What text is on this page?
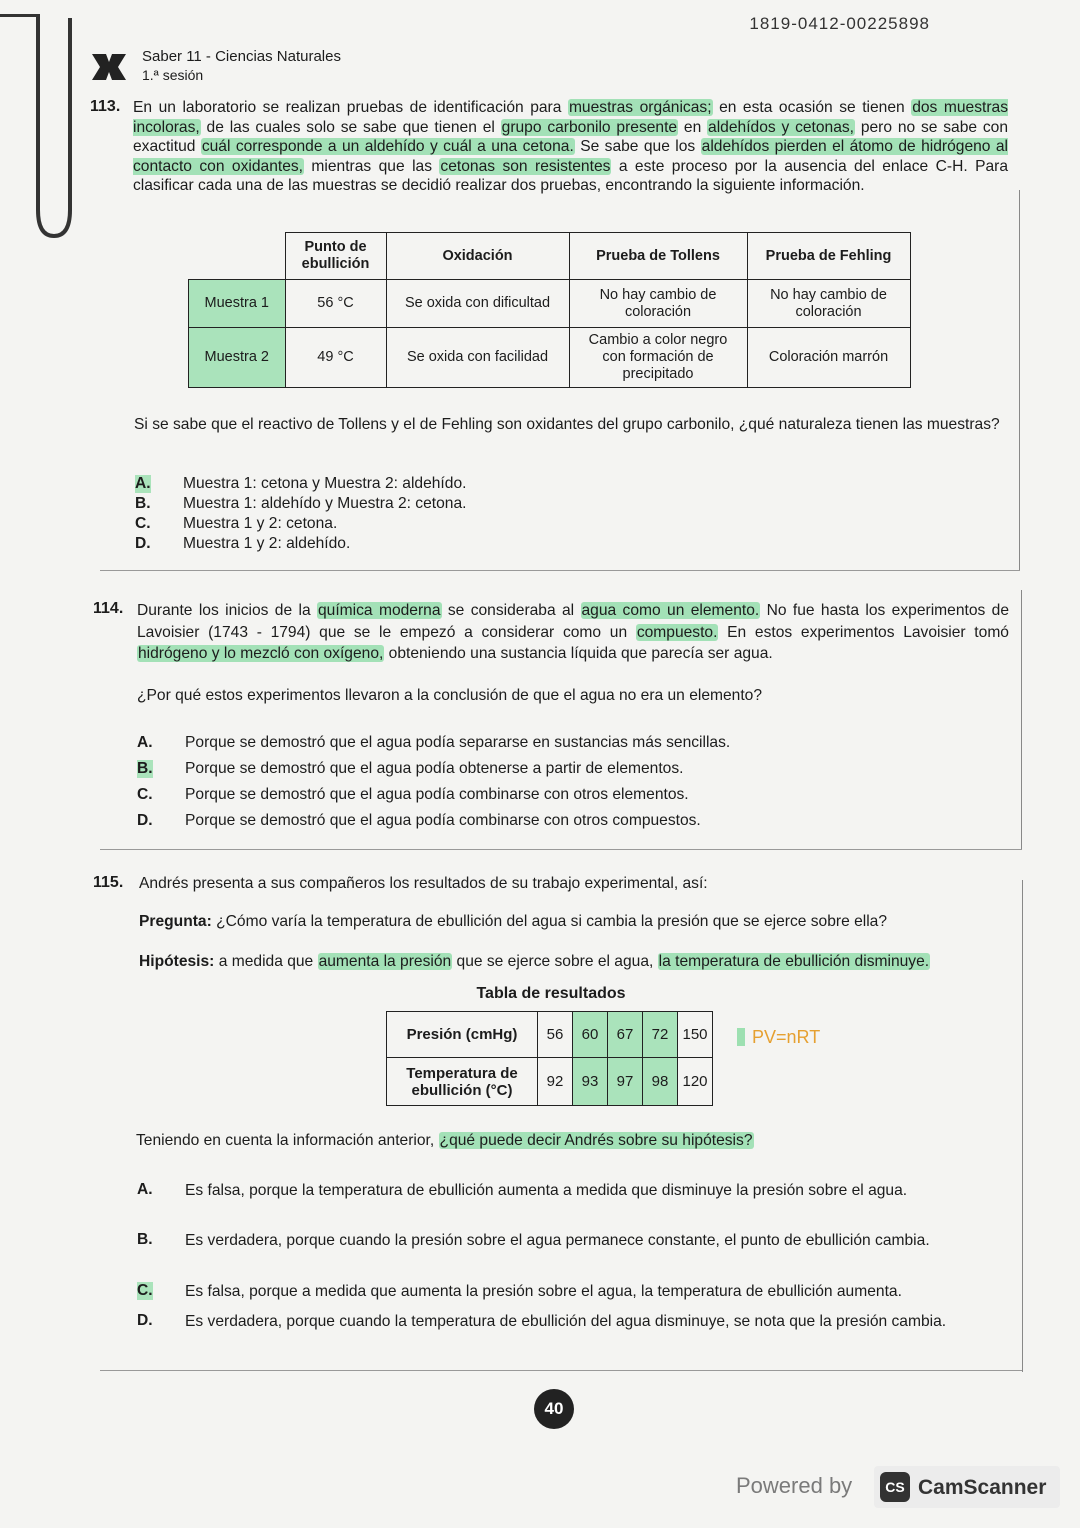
1819-0412-00225898
Saber 11 - Ciencias Naturales
1.ª sesión
113. En un laboratorio se realizan pruebas de identificación para muestras orgánicas; en esta ocasión se tienen dos muestras incoloras, de las cuales solo se sabe que tienen el grupo carbonilo presente en aldehídos y cetonas, pero no se sabe con exactitud cuál corresponde a un aldehído y cuál a una cetona. Se sabe que los aldehídos pierden el átomo de hidrógeno al contacto con oxidantes, mientras que las cetonas son resistentes a este proceso por la ausencia del enlace C-H. Para clasificar cada una de las muestras se decidió realizar dos pruebas, encontrando la siguiente información.

	Punto de ebullición	Oxidación	Prueba de Tollens	Prueba de Fehling
Muestra 1	56 °C	Se oxida con dificultad	No hay cambio de coloración	No hay cambio de coloración
Muestra 2	49 °C	Se oxida con facilidad	Cambio a color negro con formación de precipitado	Coloración marrón
Si se sabe que el reactivo de Tollens y el de Fehling son oxidantes del grupo carbonilo, ¿qué naturaleza tienen las muestras?
A. Muestra 1: cetona y Muestra 2: aldehído.
B. Muestra 1: aldehído y Muestra 2: cetona.
C. Muestra 1 y 2: cetona.
D. Muestra 1 y 2: aldehído.
114. Durante los inicios de la química moderna se consideraba al agua como un elemento. No fue hasta los experimentos de Lavoisier (1743 - 1794) que se le empezó a considerar como un compuesto. En estos experimentos Lavoisier tomó hidrógeno y lo mezcló con oxígeno, obteniendo una sustancia líquida que parecía ser agua.

¿Por qué estos experimentos llevaron a la conclusión de que el agua no era un elemento?
A. Porque se demostró que el agua podía separarse en sustancias más sencillas.
B. Porque se demostró que el agua podía obtenerse a partir de elementos.
C. Porque se demostró que el agua podía combinarse con otros elementos.
D. Porque se demostró que el agua podía combinarse con otros compuestos.
115. Andrés presenta a sus compañeros los resultados de su trabajo experimental, así:
Pregunta: ¿Cómo varía la temperatura de ebullición del agua si cambia la presión que se ejerce sobre ella?
Hipótesis: a medida que aumenta la presión que se ejerce sobre el agua, la temperatura de ebullición disminuye.
Tabla de resultados
Presión (cmHg)	56	60	67	72	150
Temperatura de ebullición (°C)	92	93	97	98	120
PV=nRT
Teniendo en cuenta la información anterior, ¿qué puede decir Andrés sobre su hipótesis?
A. Es falsa, porque la temperatura de ebullición aumenta a medida que disminuye la presión sobre el agua.
B. Es verdadera, porque cuando la presión sobre el agua permanece constante, el punto de ebullición cambia.
C. Es falsa, porque a medida que aumenta la presión sobre el agua, la temperatura de ebullición aumenta.
D. Es verdadera, porque cuando la temperatura de ebullición del agua disminuye, se nota que la presión cambia.
40
Powered by	CS CamScanner
